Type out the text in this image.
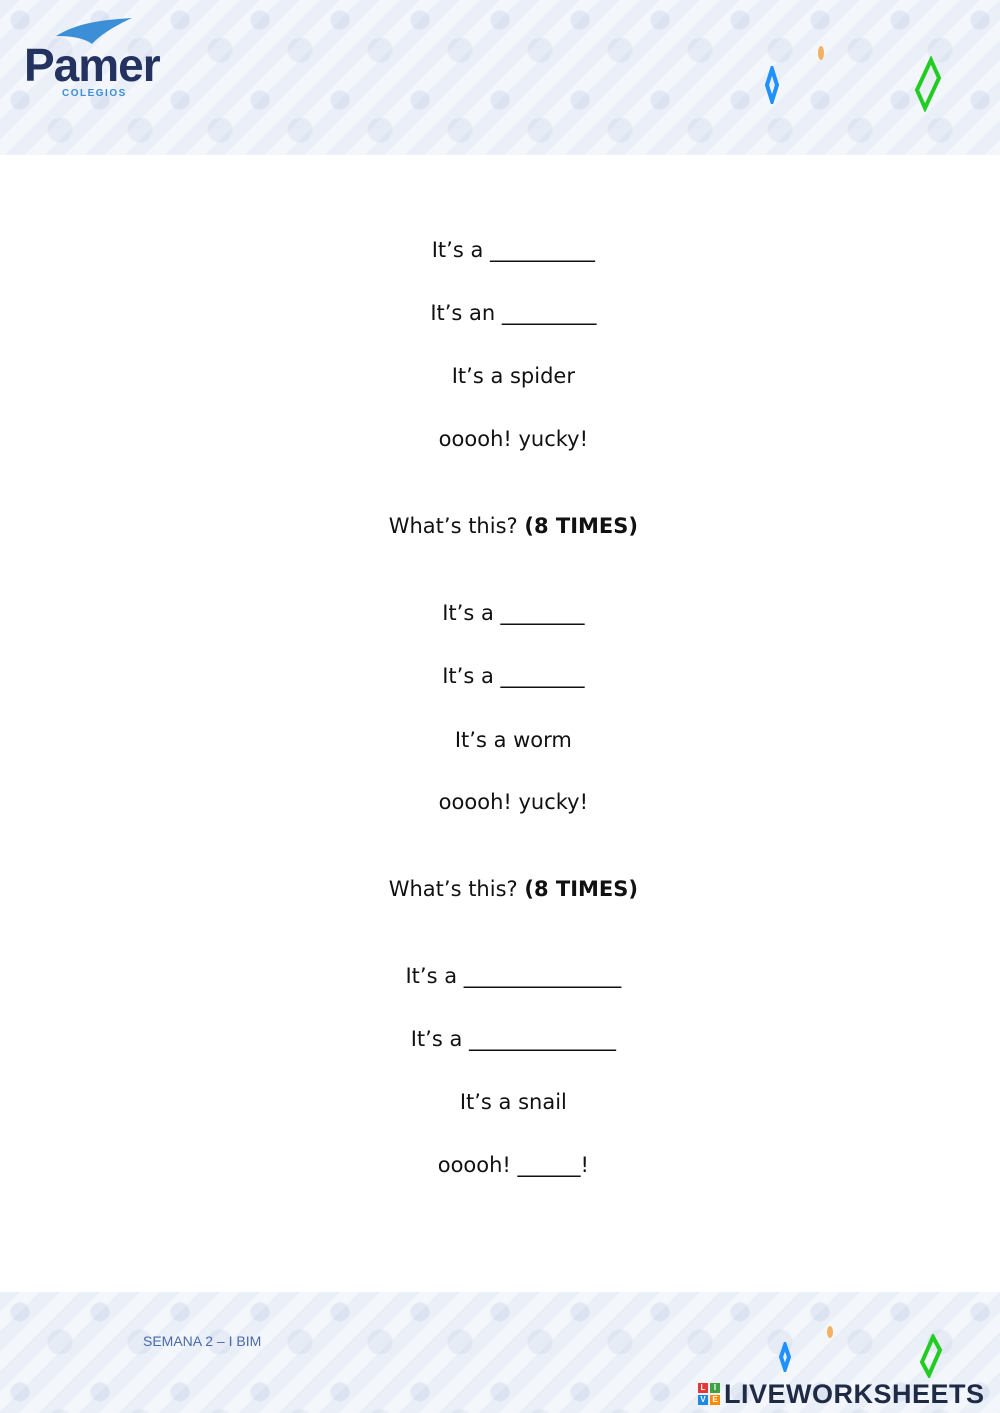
Pamer
COLEGIOS

It’s a __________

It’s an _________

It’s a spider

ooooh! yucky!

What’s this? (8 TIMES)

It’s a ________

It’s a ________

It’s a worm

ooooh! yucky!

What’s this? (8 TIMES)

It’s a _______________

It’s a ______________

It’s a snail

ooooh! ______!

SEMANA 2 – I BIM
L	I
V E LIVEWORKSHEETS
